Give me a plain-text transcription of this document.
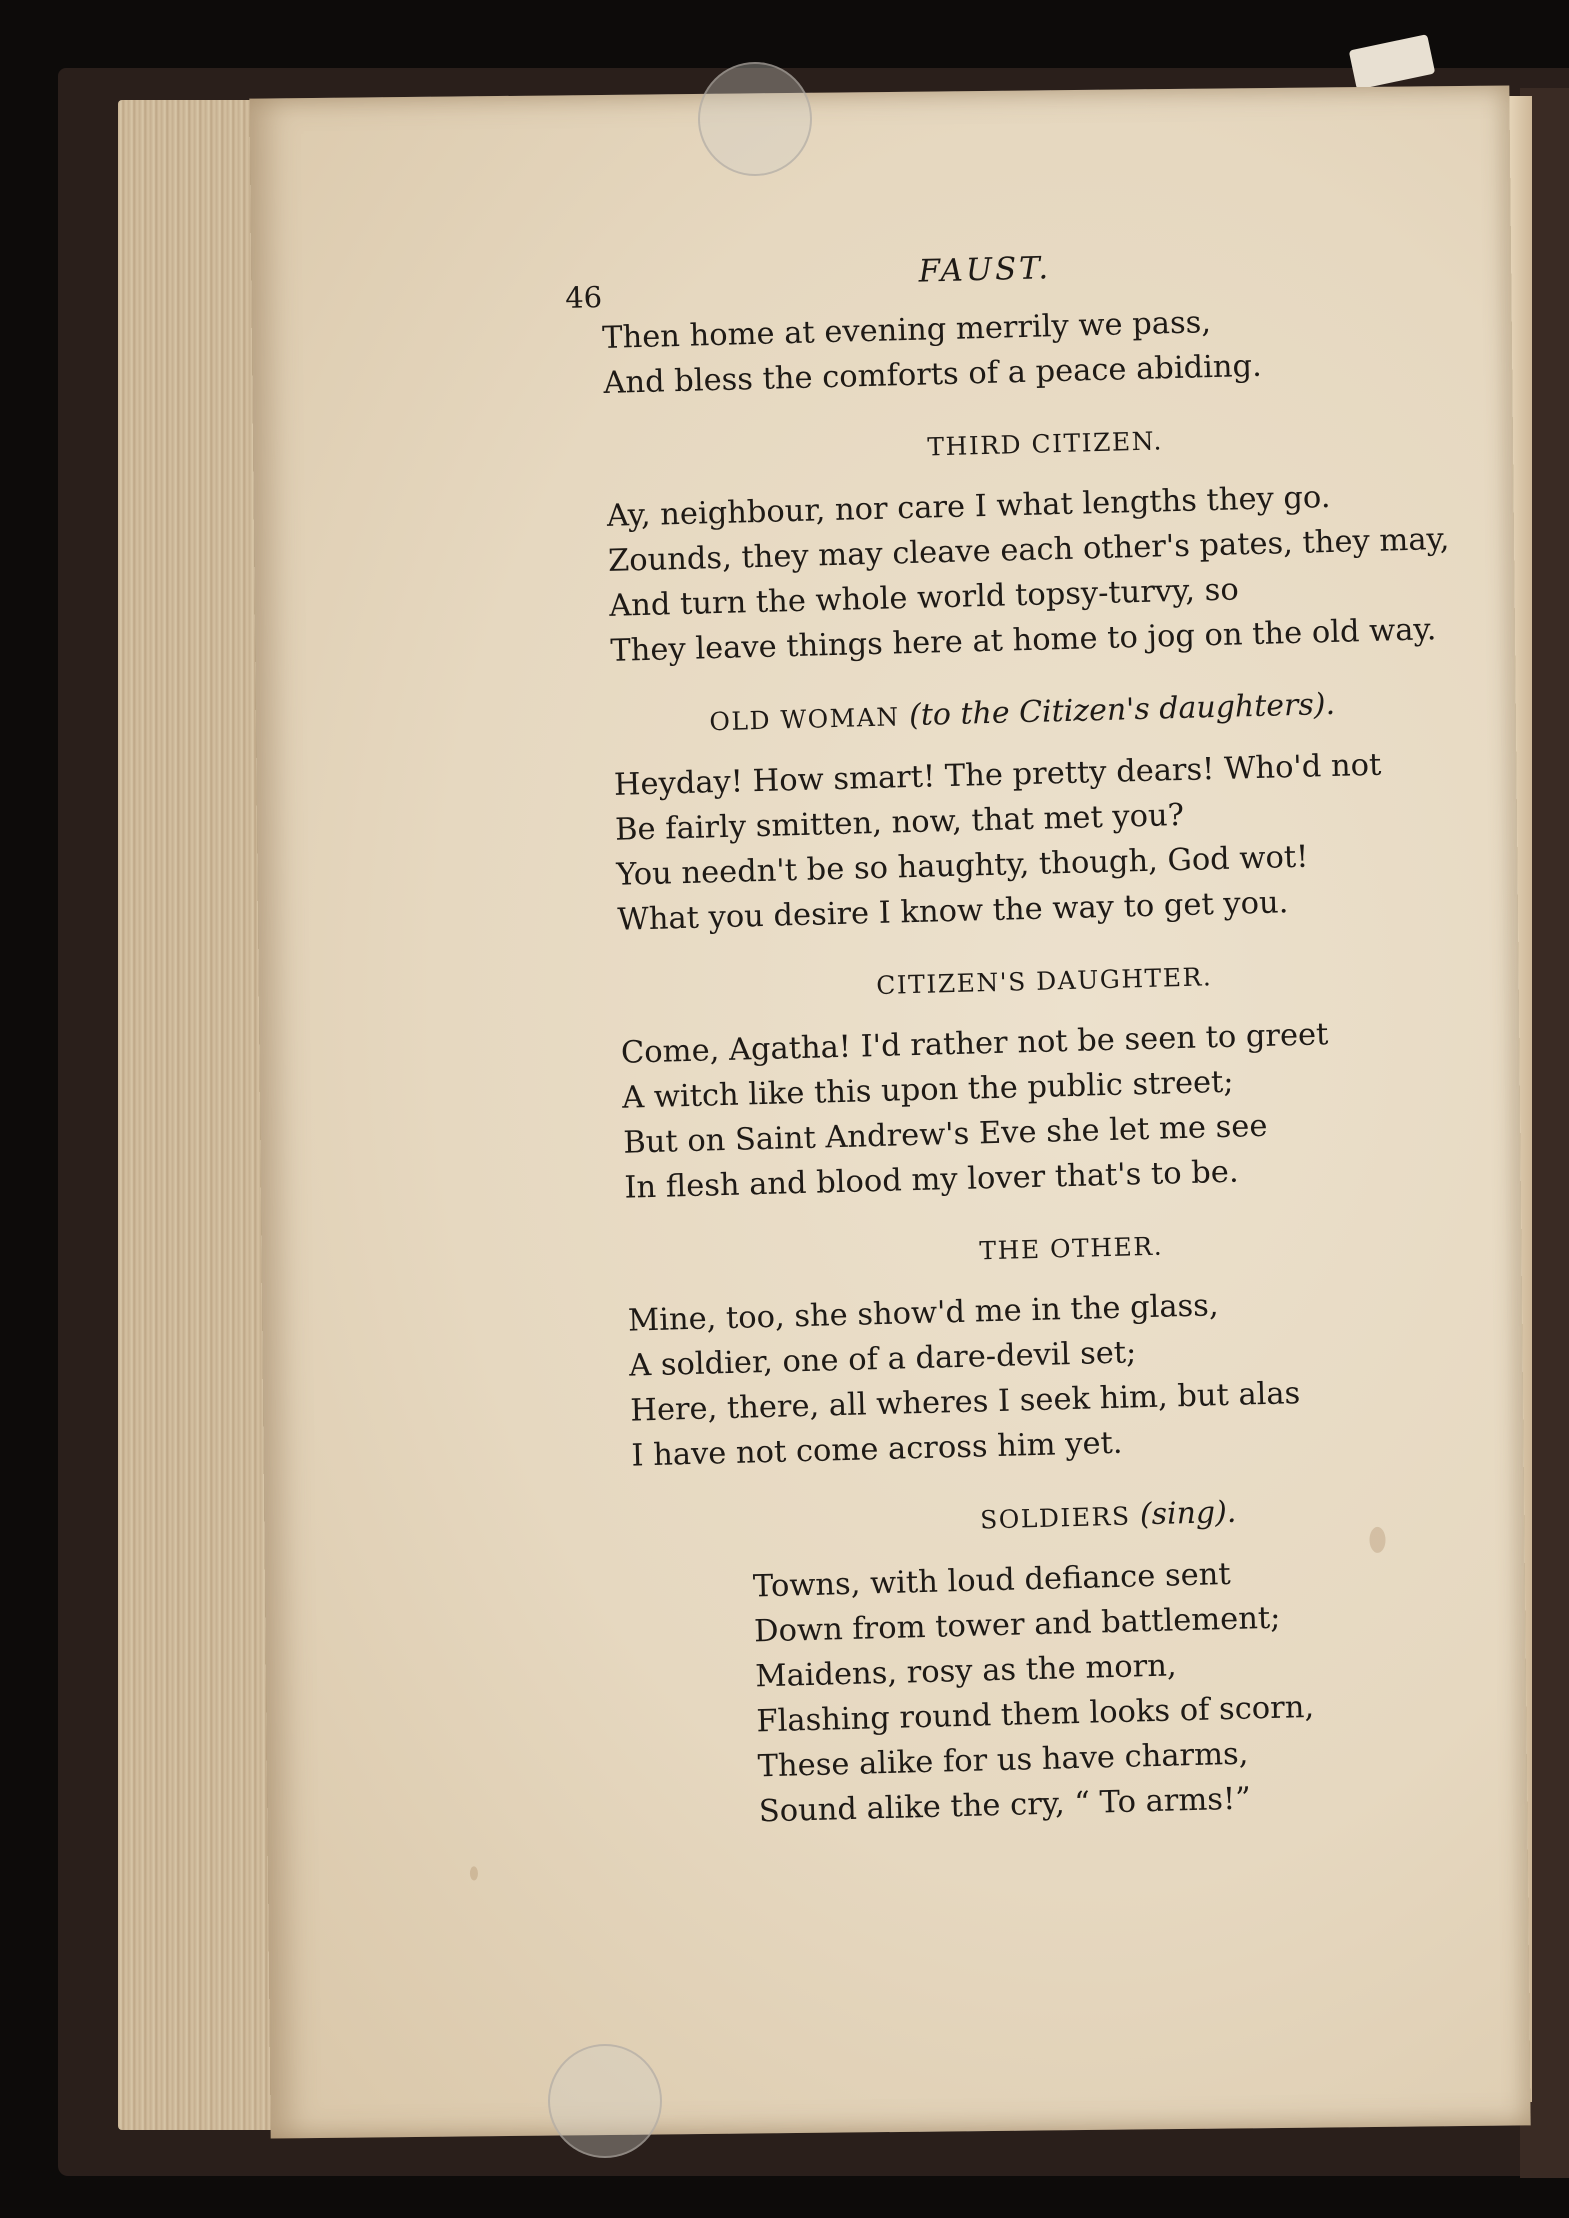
46
FAUST.
Then home at evening merrily we pass,
And bless the comforts of a peace abiding.
THIRD CITIZEN.
Ay, neighbour, nor care I what lengths they go.
Zounds, they may cleave each other's pates, they may,
And turn the whole world topsy-turvy, so
They leave things here at home to jog on the old way.
OLD WOMAN (to the Citizen's daughters).
Heyday! How smart! The pretty dears! Who'd not
Be fairly smitten, now, that met you?
You needn't be so haughty, though, God wot!
What you desire I know the way to get you.
CITIZEN'S DAUGHTER.
Come, Agatha! I'd rather not be seen to greet
A witch like this upon the public street;
But on Saint Andrew's Eve she let me see
In flesh and blood my lover that's to be.
THE OTHER.
Mine, too, she show'd me in the glass,
A soldier, one of a dare-devil set;
Here, there, all wheres I seek him, but alas
I have not come across him yet.
SOLDIERS (sing).
Towns, with loud defiance sent
Down from tower and battlement;
Maidens, rosy as the morn,
Flashing round them looks of scorn,
These alike for us have charms,
Sound alike the cry, “ To arms!”
